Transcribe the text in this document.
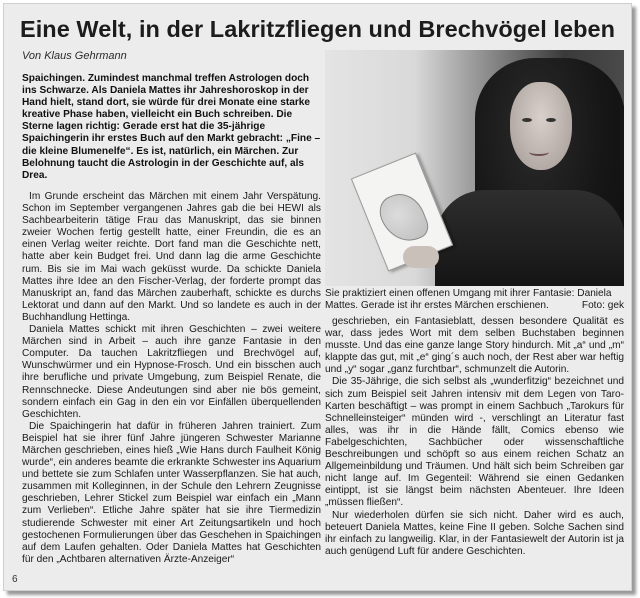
Eine Welt, in der Lakritzfliegen und Brechvögel leben
Von Klaus Gehrmann
Spaichingen. Zumindest manchmal treffen Astrologen doch ins Schwarze. Als Daniela Mattes ihr Jahreshoroskop in der Hand hielt, stand dort, sie würde für drei Monate eine starke kreative Phase haben, vielleicht ein Buch schreiben. Die Sterne lagen richtig: Gerade erst hat die 35-jährige Spaichingerin ihr erstes Buch auf den Markt gebracht: „Fine – die kleine Blumenelfe“. Es ist, natürlich, ein Märchen. Zur Belohnung taucht die Astrologin in der Geschichte auf, als Drea.
Sie praktiziert einen offenen Umgang mit ihrer Fantasie: Daniela Mattes. Gerade ist ihr erstes Märchen erschienen.	Foto: gek

Im Grunde erscheint das Märchen mit einem Jahr Verspätung. Schon im September vergangenen Jahres gab die bei HEWI als Sachbearbeiterin tätige Frau das Manuskript, das sie binnen zweier Wochen fertig gestellt hatte, einer Freundin, die es an einen Verlag weiter reichte. Dort fand man die Geschichte nett, hatte aber kein Budget frei. Und dann lag die arme Geschichte rum. Bis sie im Mai wach geküsst wurde. Da schickte Daniela Mattes ihre Idee an den Fischer-Verlag, der forderte prompt das Manuskript an, fand das Märchen zauberhaft, schickte es durchs Lektorat und dann auf den Markt. Und so landete es auch in der Buchhandlung Hettinga.

Daniela Mattes schickt mit ihren Geschichten – zwei weitere Märchen sind in Arbeit – auch ihre ganze Fantasie in den Computer. Da tauchen Lakritzfliegen und Brechvögel auf, Wunschwürmer und ein Hypnose-Frosch. Und ein bisschen auch ihre berufliche und private Umgebung, zum Beispiel Renate, die Rennschnecke. Diese Andeutungen sind aber nie bös gemeint, sondern einfach ein Gag in den ein vor Einfällen überquellenden Geschichten.

Die Spaichingerin hat dafür in früheren Jahren trainiert. Zum Beispiel hat sie ihrer fünf Jahre jüngeren Schwester Marianne Märchen geschrieben, eines hieß „Wie Hans durch Faulheit König wurde“, ein anderes beamte die erkrankte Schwester ins Aquarium und bettete sie zum Schlafen unter Wasserpflanzen. Sie hat auch, zusammen mit Kolleginnen, in der Schule den Lehrern Zeugnisse geschrieben, Lehrer Stickel zum Beispiel war einfach ein „Mann zum Verlieben“. Etliche Jahre später hat sie ihre Tiermedizin studierende Schwester mit einer Art Zeitungsartikeln und hoch gestochenen Formulierungen über das Geschehen in Spaichingen auf dem Laufen gehalten. Oder Daniela Mattes hat Geschichten für den „Achtbaren alternativen Ärzte-Anzeiger“

geschrieben, ein Fantasieblatt, dessen besondere Qualität es war, dass jedes Wort mit dem selben Buchstaben beginnen musste. Und das eine ganze lange Story hindurch. Mit „a“ und „m“ klappte das gut, mit „e“ ging´s auch noch, der Rest aber war heftig und „y“ sogar „ganz furchtbar“, schmunzelt die Autorin.

Die 35-Jährige, die sich selbst als „wunderfitzig“ bezeichnet und sich zum Beispiel seit Jahren intensiv mit dem Legen von Taro-Karten beschäftigt – was prompt in einem Sachbuch „Tarokurs für Schnelleinsteiger“ münden wird -, verschlingt an Literatur fast alles, was ihr in die Hände fällt, Comics ebenso wie Fabelgeschichten, Sachbücher oder wissenschaftliche Beschreibungen und schöpft so aus einem reichen Schatz an Allgemeinbildung und Träumen. Und hält sich beim Schreiben gar nicht lange auf. Im Gegenteil: Während sie einen Gedanken eintippt, ist sie längst beim nächsten Abenteuer. Ihre Ideen „müssen fließen“.

Nur wiederholen dürfen sie sich nicht. Daher wird es auch, beteuert Daniela Mattes, keine Fine II geben. Solche Sachen sind ihr einfach zu langweilig. Klar, in der Fantasiewelt der Autorin ist ja auch genügend Luft für andere Geschichten.

6
